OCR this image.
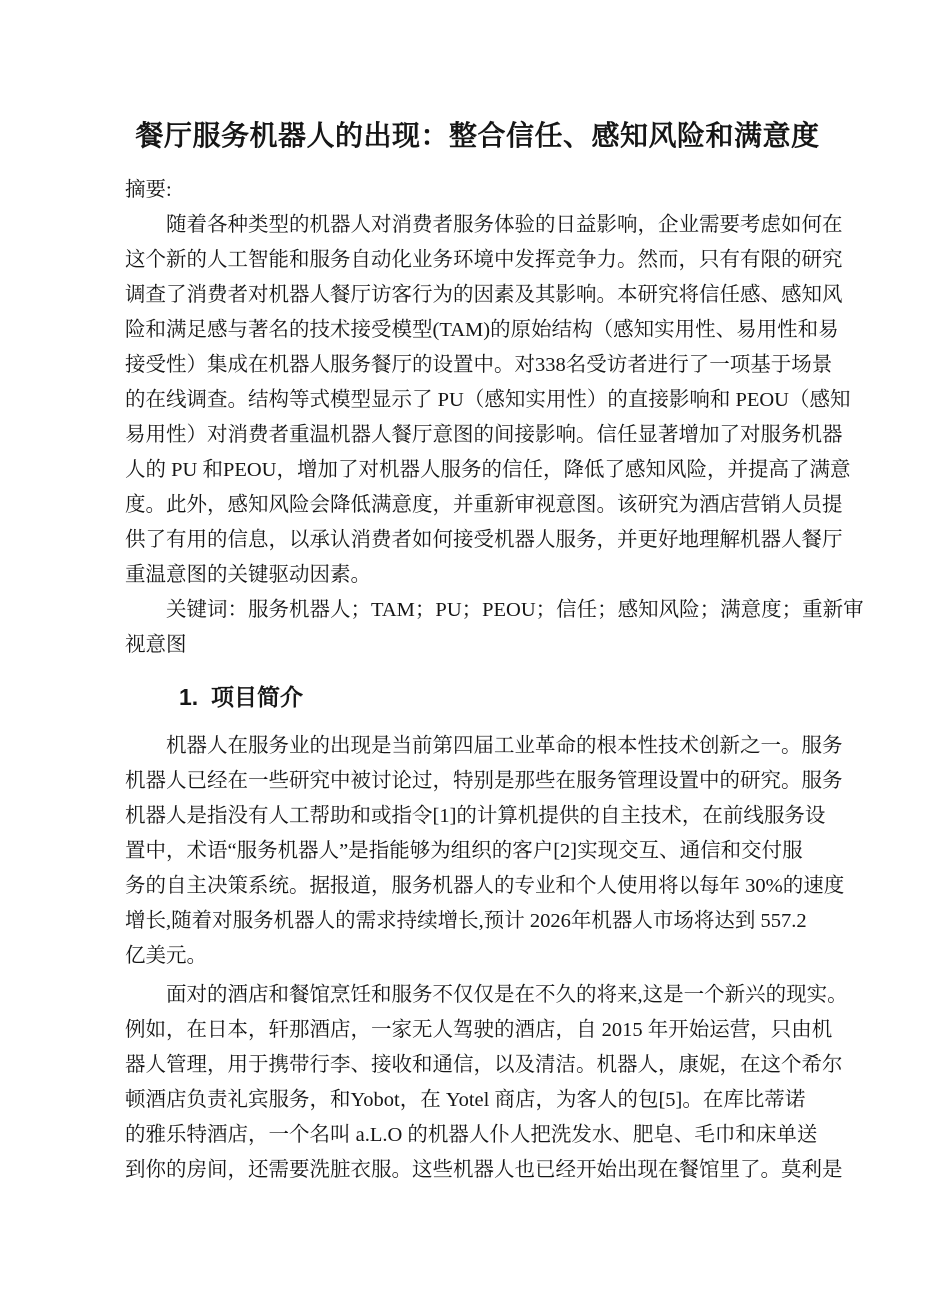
餐厅服务机器人的出现：整合信任、感知风险和满意度
摘要:
　　随着各种类型的机器人对消费者服务体验的日益影响，企业需要考虑如何在
这个新的人工智能和服务自动化业务环境中发挥竞争力。然而，只有有限的研究
调查了消费者对机器人餐厅访客行为的因素及其影响。本研究将信任感、感知风
险和满足感与著名的技术接受模型(TAM)的原始结构（感知实用性、易用性和易
接受性）集成在机器人服务餐厅的设置中。对338名受访者进行了一项基于场景
的在线调查。结构等式模型显示了 PU（感知实用性）的直接影响和 PEOU（感知
易用性）对消费者重温机器人餐厅意图的间接影响。信任显著增加了对服务机器
人的 PU 和PEOU，增加了对机器人服务的信任，降低了感知风险，并提高了满意
度。此外，感知风险会降低满意度，并重新审视意图。该研究为酒店营销人员提
供了有用的信息，以承认消费者如何接受机器人服务，并更好地理解机器人餐厅
重温意图的关键驱动因素。
　　关键词：服务机器人；TAM；PU；PEOU；信任；感知风险；满意度；重新审
视意图
1.  项目简介
　　机器人在服务业的出现是当前第四届工业革命的根本性技术创新之一。服务
机器人已经在一些研究中被讨论过，特别是那些在服务管理设置中的研究。服务
机器人是指没有人工帮助和或指令[1]的计算机提供的自主技术，在前线服务设
置中，术语“服务机器人”是指能够为组织的客户[2]实现交互、通信和交付服
务的自主决策系统。据报道，服务机器人的专业和个人使用将以每年 30%的速度
增长,随着对服务机器人的需求持续增长,预计 2026年机器人市场将达到 557.2
亿美元。
　　面对的酒店和餐馆烹饪和服务不仅仅是在不久的将来,这是一个新兴的现实。
例如，在日本，轩那酒店，一家无人驾驶的酒店，自 2015 年开始运营，只由机
器人管理，用于携带行李、接收和通信，以及清洁。机器人，康妮，在这个希尔
顿酒店负责礼宾服务，和Yobot，在 Yotel 商店，为客人的包[5]。在库比蒂诺
的雅乐特酒店，一个名叫 a.L.O 的机器人仆人把洗发水、肥皂、毛巾和床单送
到你的房间，还需要洗脏衣服。这些机器人也已经开始出现在餐馆里了。莫利是
